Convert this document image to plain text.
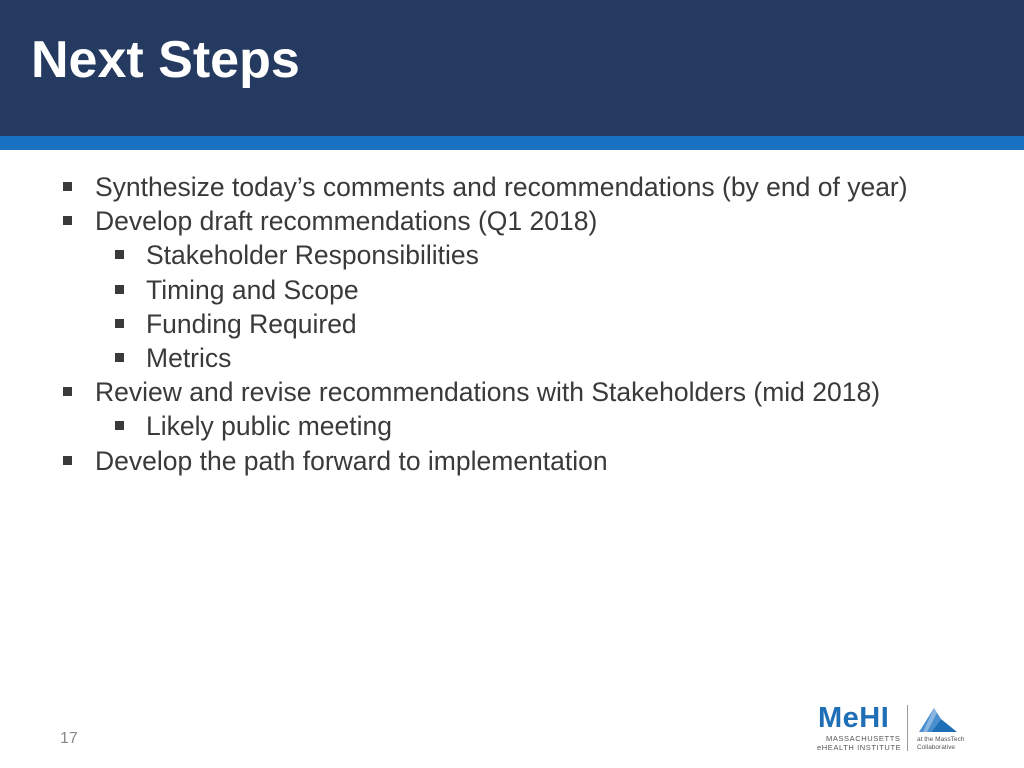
Next Steps
Synthesize today’s comments and recommendations (by end of year)
Develop draft recommendations (Q1 2018)
Stakeholder Responsibilities
Timing and Scope
Funding Required
Metrics
Review and revise recommendations with Stakeholders (mid 2018)
Likely public meeting
Develop the path forward to implementation
17
MeHI
MASSACHUSETTS
eHEALTH INSTITUTE
at the MassTech
Collaborative
